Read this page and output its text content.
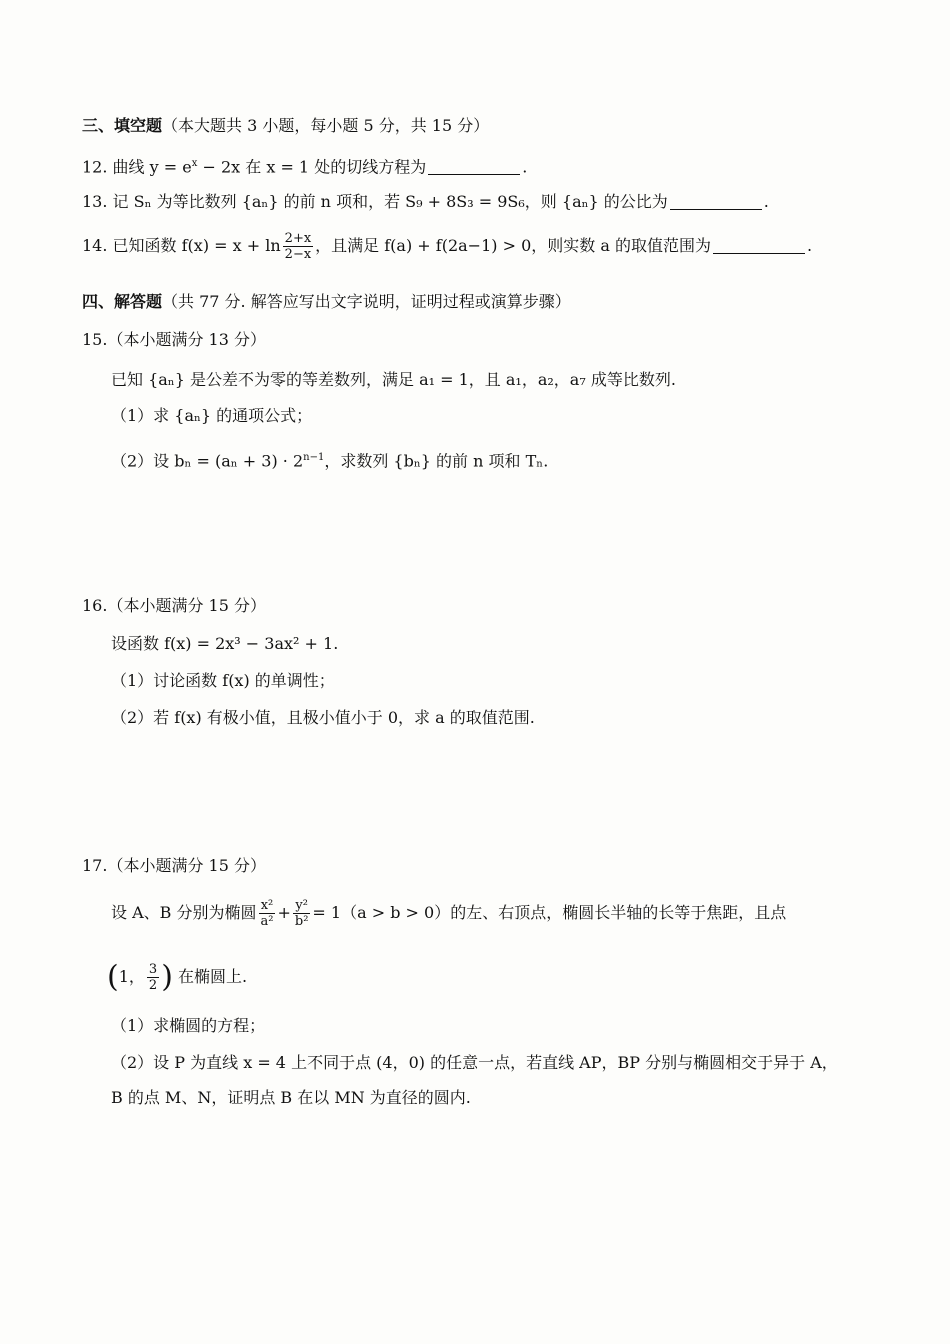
三、填空题（本大题共 3 小题，每小题 5 分，共 15 分）
12. 曲线 $y = e^x - 2x$ 在 x = 1 处的切线方程为	.
13. 记 Sₙ 为等比数列 {aₙ} 的前 n 项和，若 S₉ + 8S₃ = 9S₆，则 {aₙ} 的公比为	.
14. 已知函数 $f(x) = x + \ln \frac{2+x}{2-x}$ ，且满足 f(a) + f(2a−1) > 0，则实数 a 的取值范围为	.
四、解答题（共 77 分. 解答应写出文字说明，证明过程或演算步骤）
15.（本小题满分 13 分）
已知 {aₙ} 是公差不为零的等差数列，满足 a₁ = 1，且 a₁，a₂，a₇ 成等比数列.
（1）求 {aₙ} 的通项公式；
（2）设 $b_n = (a_n + 3) \cdot 2^{n-1}$，求数列 {bₙ} 的前 n 项和 Tₙ.
16.（本小题满分 15 分）
设函数 f(x) = 2x³ − 3ax² + 1.
（1）讨论函数 f(x) 的单调性；
（2）若 f(x) 有极小值，且极小值小于 0，求 a 的取值范围.
17.（本小题满分 15 分）
设 A、B 分别为椭圆 $\frac{\text{x²}}{\text{a²}} + \frac{\text{y²}}{\text{b²}} = 1(a > b > 0)$的左、右顶点，椭圆长半轴的长等于焦距，且点
(1， $\frac{3}{2}$ ) 在椭圆上.
（1）求椭圆的方程；
（2）设 P 为直线 x = 4 上不同于点 (4，0) 的任意一点，若直线 AP，BP 分别与椭圆相交于异于 A，
B 的点 M、N，证明点 B 在以 MN 为直径的圆内.
